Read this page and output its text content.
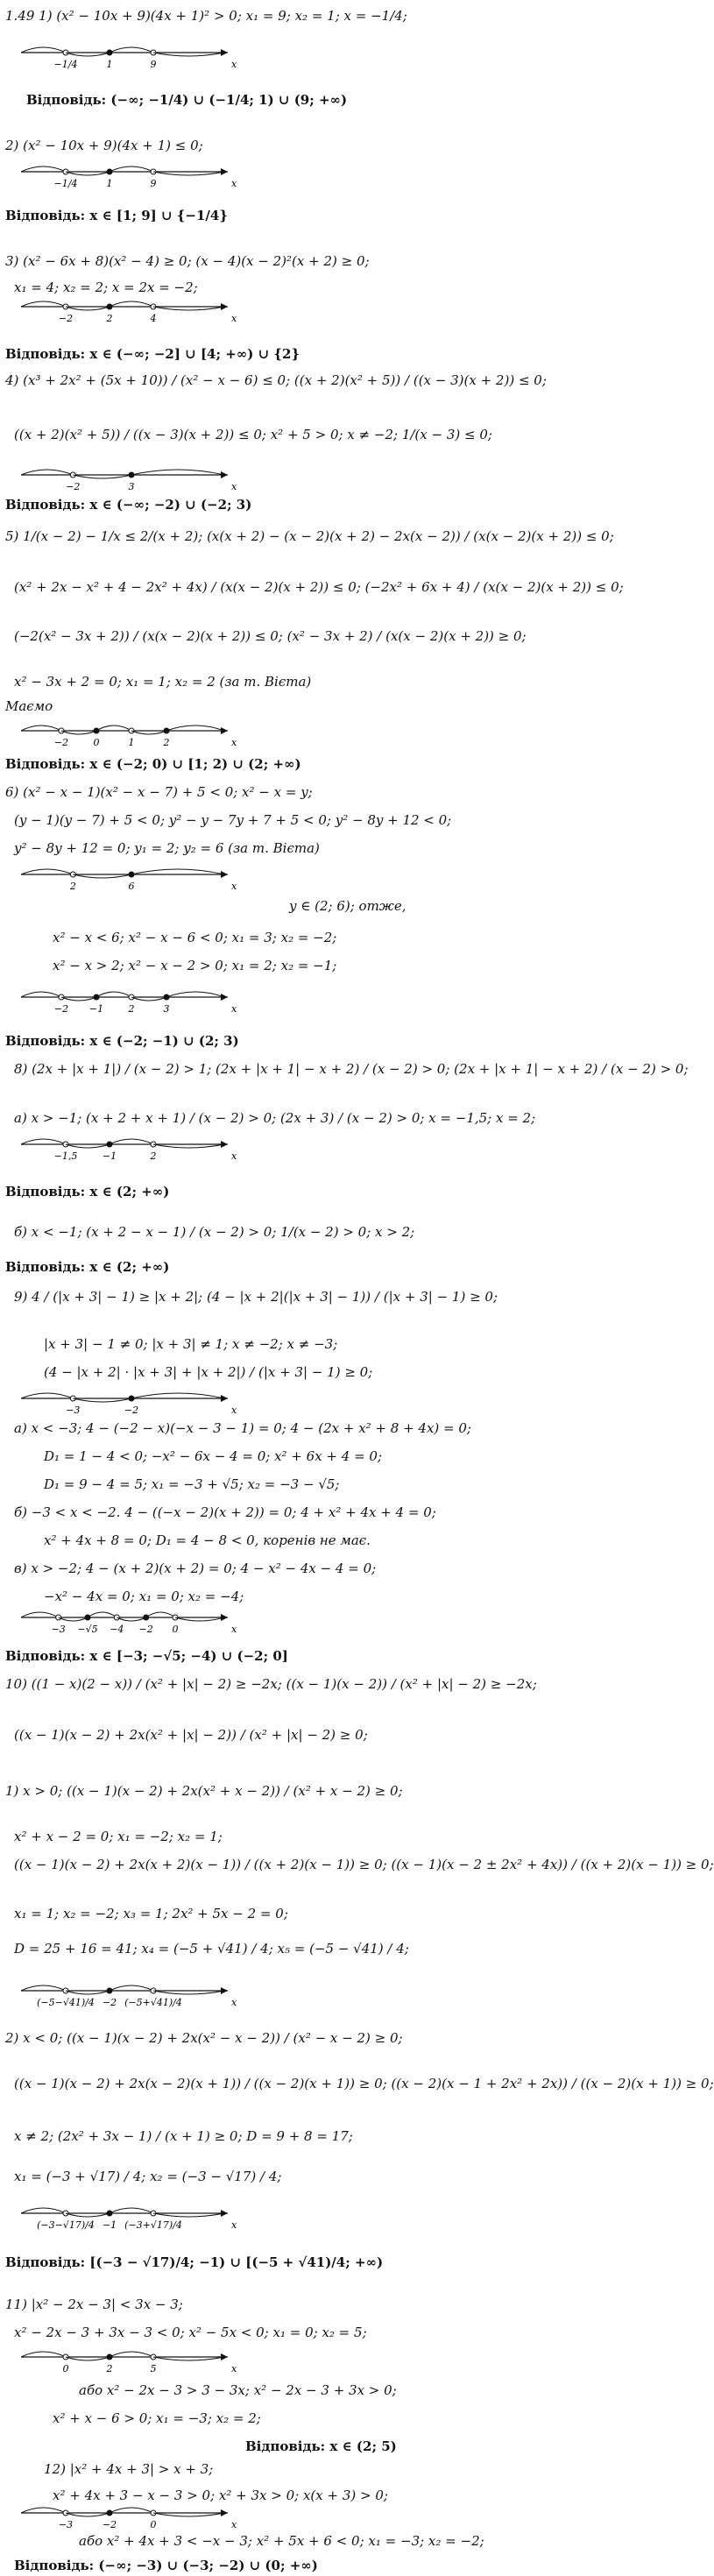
1.49 1) (x² − 10x + 9)(4x + 1)² > 0; x₁ = 9; x₂ = 1; x = −1/4;
Відповідь: (−∞; −1/4) ∪ (−1/4; 1) ∪ (9; +∞)
2) (x² − 10x + 9)(4x + 1) ≤ 0;
Відповідь: x ∈ [1; 9] ∪ {−1/4}
3) (x² − 6x + 8)(x² − 4) ≥ 0; (x − 4)(x − 2)²(x + 2) ≥ 0;
x₁ = 4; x₂ = 2; x = 2x = −2;
Відповідь: x ∈ (−∞; −2] ∪ [4; +∞) ∪ {2}
4) (x³ + 2x² + (5x + 10)) / (x² − x − 6) ≤ 0; ((x + 2)(x² + 5)) / ((x − 3)(x + 2)) ≤ 0;
((x + 2)(x² + 5)) / ((x − 3)(x + 2)) ≤ 0; x² + 5 > 0; x ≠ −2; 1/(x − 3) ≤ 0;
Відповідь: x ∈ (−∞; −2) ∪ (−2; 3)
5) 1/(x − 2) − 1/x ≤ 2/(x + 2); (x(x + 2) − (x − 2)(x + 2) − 2x(x − 2)) / (x(x − 2)(x + 2)) ≤ 0;
(x² + 2x − x² + 4 − 2x² + 4x) / (x(x − 2)(x + 2)) ≤ 0; (−2x² + 6x + 4) / (x(x − 2)(x + 2)) ≤ 0;
(−2(x² − 3x + 2)) / (x(x − 2)(x + 2)) ≤ 0; (x² − 3x + 2) / (x(x − 2)(x + 2)) ≥ 0;
x² − 3x + 2 = 0; x₁ = 1; x₂ = 2 (за т. Вієта)
Маємо
Відповідь: x ∈ (−2; 0) ∪ [1; 2) ∪ (2; +∞)
6) (x² − x − 1)(x² − x − 7) + 5 < 0; x² − x = y;
(y − 1)(y − 7) + 5 < 0; y² − y − 7y + 7 + 5 < 0; y² − 8y + 12 < 0;
y² − 8y + 12 = 0; y₁ = 2; y₂ = 6 (за т. Вієта)
y ∈ (2; 6); отже,
x² − x < 6; x² − x − 6 < 0; x₁ = 3; x₂ = −2;
x² − x > 2; x² − x − 2 > 0; x₁ = 2; x₂ = −1;
Відповідь: x ∈ (−2; −1) ∪ (2; 3)
8) (2x + |x + 1|) / (x − 2) > 1; (2x + |x + 1| − x + 2) / (x − 2) > 0; (2x + |x + 1| − x + 2) / (x − 2) > 0;
а) x > −1; (x + 2 + x + 1) / (x − 2) > 0; (2x + 3) / (x − 2) > 0; x = −1,5; x = 2;
Відповідь: x ∈ (2; +∞)
б) x < −1; (x + 2 − x − 1) / (x − 2) > 0; 1/(x − 2) > 0; x > 2;
Відповідь: x ∈ (2; +∞)
9) 4 / (|x + 3| − 1) ≥ |x + 2|; (4 − |x + 2|(|x + 3| − 1)) / (|x + 3| − 1) ≥ 0;
|x + 3| − 1 ≠ 0; |x + 3| ≠ 1; x ≠ −2; x ≠ −3;
(4 − |x + 2| · |x + 3| + |x + 2|) / (|x + 3| − 1) ≥ 0;
а) x < −3; 4 − (−2 − x)(−x − 3 − 1) = 0; 4 − (2x + x² + 8 + 4x) = 0;
D₁ = 1 − 4 < 0; −x² − 6x − 4 = 0; x² + 6x + 4 = 0;
D₁ = 9 − 4 = 5; x₁ = −3 + √5; x₂ = −3 − √5;
б) −3 < x < −2. 4 − ((−x − 2)(x + 2)) = 0; 4 + x² + 4x + 4 = 0;
x² + 4x + 8 = 0; D₁ = 4 − 8 < 0, коренів не має.
в) x > −2; 4 − (x + 2)(x + 2) = 0; 4 − x² − 4x − 4 = 0;
−x² − 4x = 0; x₁ = 0; x₂ = −4;
Відповідь: x ∈ [−3; −√5; −4) ∪ (−2; 0]
10) ((1 − x)(2 − x)) / (x² + |x| − 2) ≥ −2x; ((x − 1)(x − 2)) / (x² + |x| − 2) ≥ −2x;
((x − 1)(x − 2) + 2x(x² + |x| − 2)) / (x² + |x| − 2) ≥ 0;
1) x > 0; ((x − 1)(x − 2) + 2x(x² + x − 2)) / (x² + x − 2) ≥ 0;
x² + x − 2 = 0; x₁ = −2; x₂ = 1;
((x − 1)(x − 2) + 2x(x + 2)(x − 1)) / ((x + 2)(x − 1)) ≥ 0; ((x − 1)(x − 2 ± 2x² + 4x)) / ((x + 2)(x − 1)) ≥ 0;
x₁ = 1; x₂ = −2; x₃ = 1; 2x² + 5x − 2 = 0;
D = 25 + 16 = 41; x₄ = (−5 + √41) / 4; x₅ = (−5 − √41) / 4;
2) x < 0; ((x − 1)(x − 2) + 2x(x² − x − 2)) / (x² − x − 2) ≥ 0;
((x − 1)(x − 2) + 2x(x − 2)(x + 1)) / ((x − 2)(x + 1)) ≥ 0; ((x − 2)(x − 1 + 2x² + 2x)) / ((x − 2)(x + 1)) ≥ 0;
x ≠ 2; (2x² + 3x − 1) / (x + 1) ≥ 0; D = 9 + 8 = 17;
x₁ = (−3 + √17) / 4; x₂ = (−3 − √17) / 4;
Відповідь: [(−3 − √17)/4; −1) ∪ [(−5 + √41)/4; +∞)
11) |x² − 2x − 3| < 3x − 3;
x² − 2x − 3 + 3x − 3 < 0; x² − 5x < 0; x₁ = 0; x₂ = 5;
або x² − 2x − 3 > 3 − 3x; x² − 2x − 3 + 3x > 0;
x² + x − 6 > 0; x₁ = −3; x₂ = 2;
Відповідь: x ∈ (2; 5)
12) |x² + 4x + 3| > x + 3;
x² + 4x + 3 − x − 3 > 0; x² + 3x > 0; x(x + 3) > 0;
або x² + 4x + 3 < −x − 3; x² + 5x + 6 < 0; x₁ = −3; x₂ = −2;
Відповідь: (−∞; −3) ∪ (−3; −2) ∪ (0; +∞)
−1/4	1	9	x
−1/4	1	9	x
−2	2	4	x
−2	3	x
−2	0	1	2	x
2	6	x
−2 −1	2	3	x
−1,5	−1	2	x
−3	−2	x
−3 −√5 −4 −2 0	x
(−5−√41)/4 −2 (−5+√41)/4	x
(−3−√17)/4 −1 (−3+√17)/4	x
0	2	5	x
−3	−2	0	x
